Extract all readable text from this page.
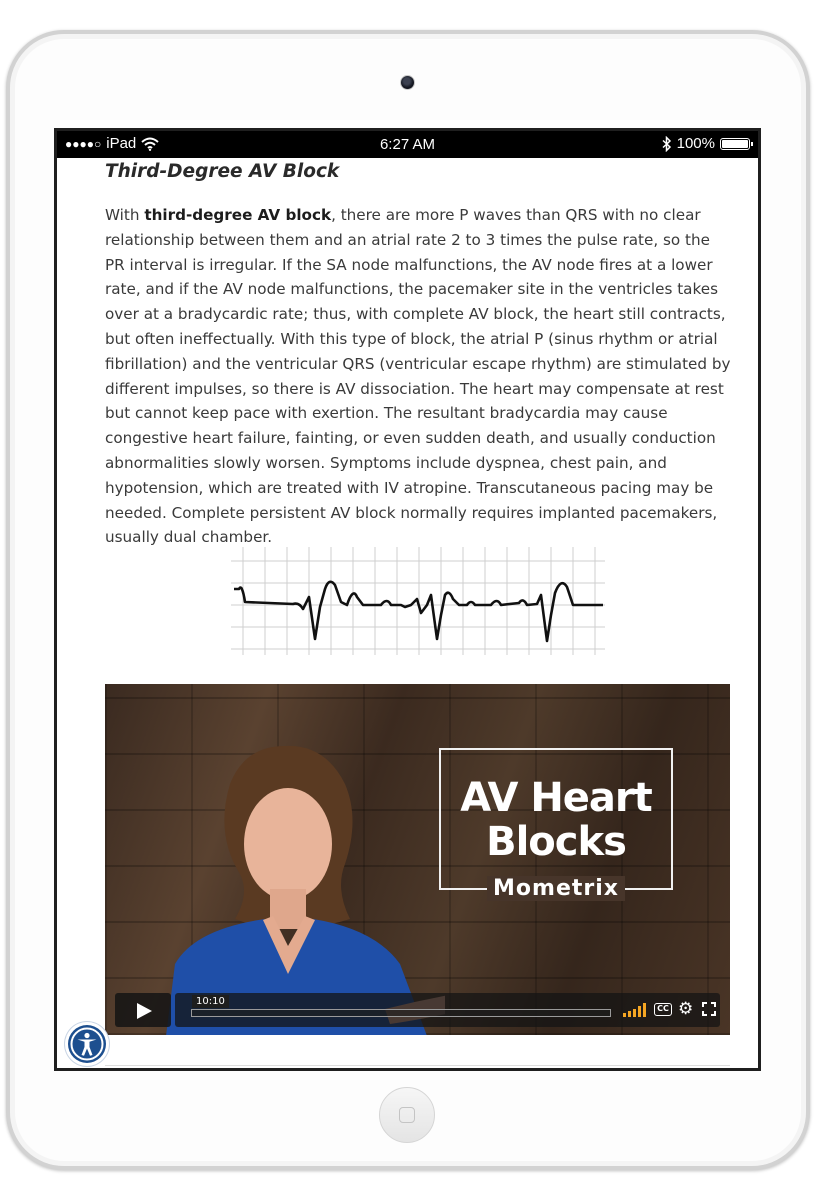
●●●●○ iPad	6:27 AM	100%
Third-Degree AV Block

With third-degree AV block, there are more P waves than QRS with no clear relationship between them and an atrial rate 2 to 3 times the pulse rate, so the PR interval is irregular. If the SA node malfunctions, the AV node fires at a lower rate, and if the AV node malfunctions, the pacemaker site in the ventricles takes over at a bradycardic rate; thus, with complete AV block, the heart still contracts, but often ineffectually. With this type of block, the atrial P (sinus rhythm or atrial fibrillation) and the ventricular QRS (ventricular escape rhythm) are stimulated by different impulses, so there is AV dissociation. The heart may compensate at rest but cannot keep pace with exertion. The resultant bradycardia may cause congestive heart failure, fainting, or even sudden death, and usually conduction abnormalities slowly worsen. Symptoms include dyspnea, chest pain, and hypotension, which are treated with IV atropine. Transcutaneous pacing may be needed. Complete persistent AV block normally requires implanted pacemakers, usually dual chamber.

AV Heart
Blocks
Mometrix
10:10
CC ⚙
